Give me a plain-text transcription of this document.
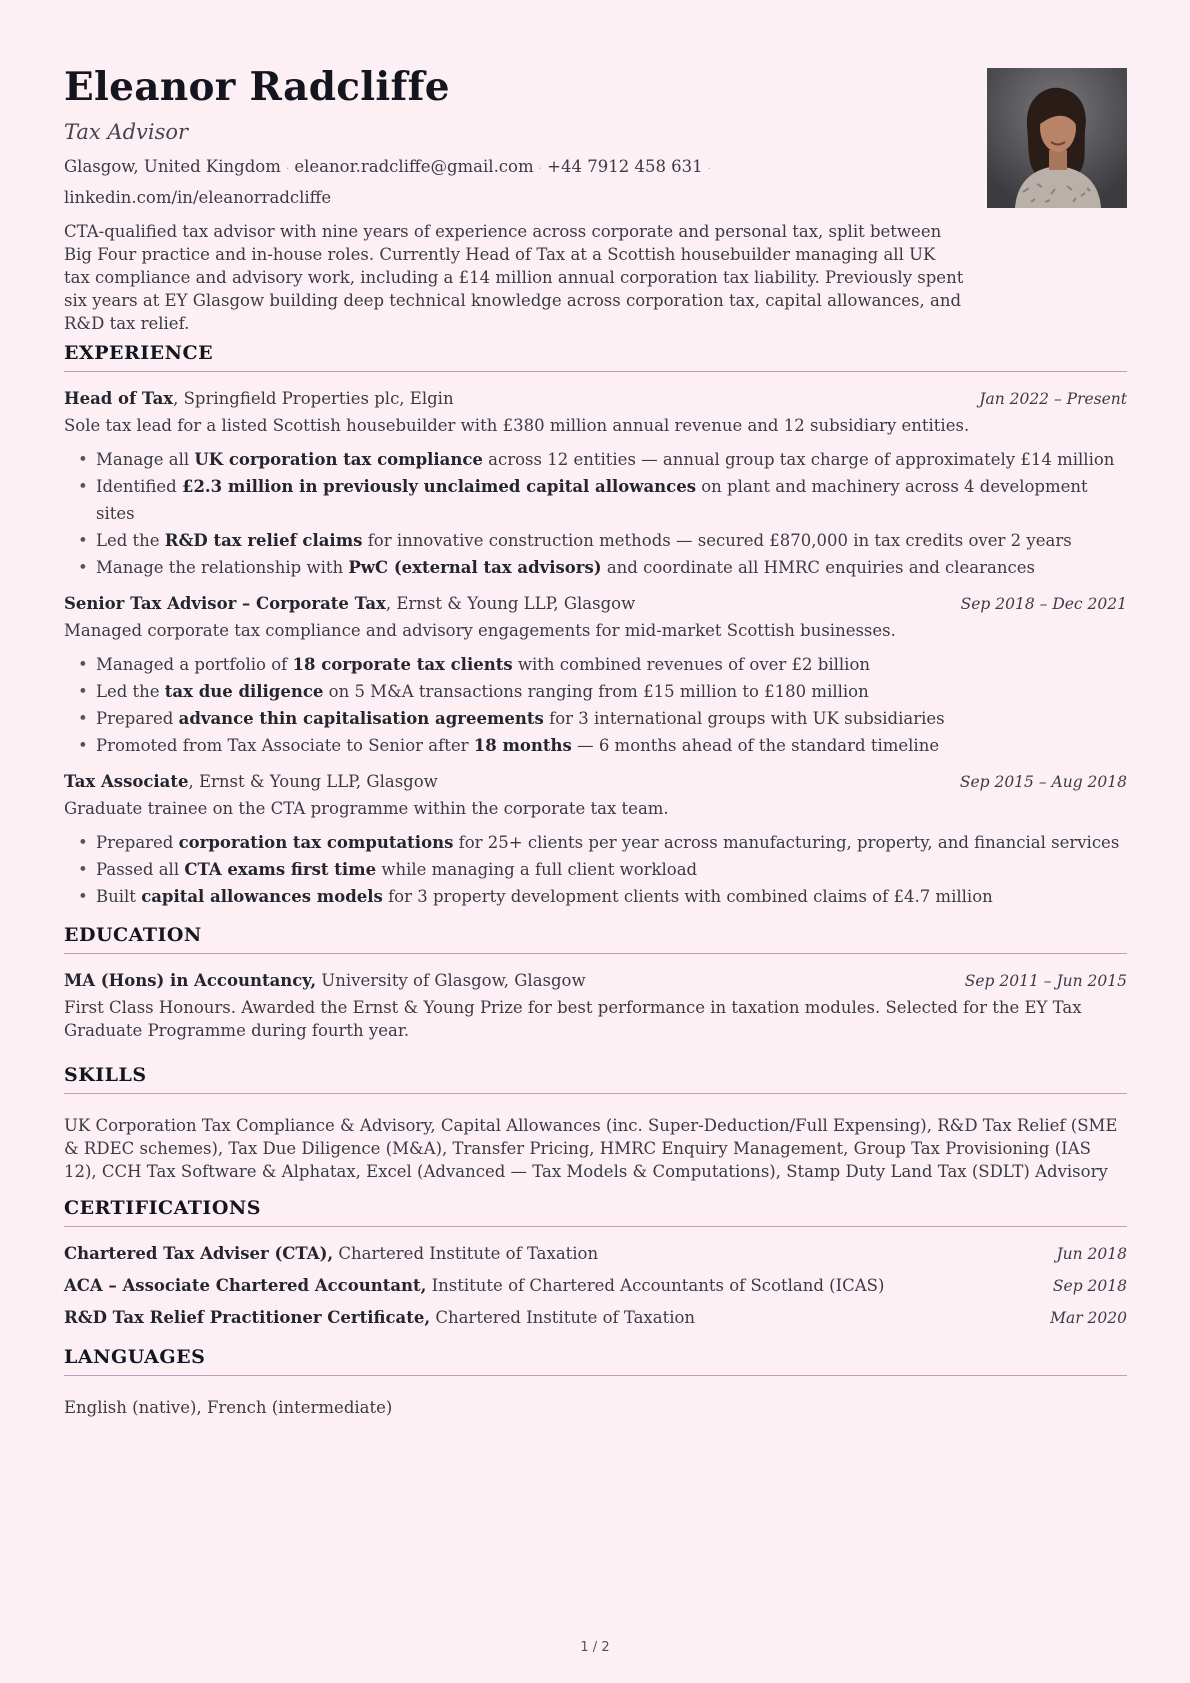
Eleanor Radcliffe
Tax Advisor
Glasgow, United Kingdom · eleanor.radcliffe@gmail.com · +44 7912 458 631 ·
linkedin.com/in/eleanorradcliffe
CTA-qualified tax advisor with nine years of experience across corporate and personal tax, split between Big Four practice and in-house roles. Currently Head of Tax at a Scottish housebuilder managing all UK tax compliance and advisory work, including a £14 million annual corporation tax liability. Previously spent six years at EY Glasgow building deep technical knowledge across corporation tax, capital allowances, and R&D tax relief.
EXPERIENCE
Head of Tax, Springfield Properties plc, Elgin	Jan 2022 – Present
Sole tax lead for a listed Scottish housebuilder with £380 million annual revenue and 12 subsidiary entities.
• Manage all UK corporation tax compliance across 12 entities — annual group tax charge of approximately £14 million
• Identified £2.3 million in previously unclaimed capital allowances on plant and machinery across 4 development sites
• Led the R&D tax relief claims for innovative construction methods — secured £870,000 in tax credits over 2 years
• Manage the relationship with PwC (external tax advisors) and coordinate all HMRC enquiries and clearances
Senior Tax Advisor – Corporate Tax, Ernst & Young LLP, Glasgow	Sep 2018 – Dec 2021
Managed corporate tax compliance and advisory engagements for mid-market Scottish businesses.
• Managed a portfolio of 18 corporate tax clients with combined revenues of over £2 billion
• Led the tax due diligence on 5 M&A transactions ranging from £15 million to £180 million
• Prepared advance thin capitalisation agreements for 3 international groups with UK subsidiaries
• Promoted from Tax Associate to Senior after 18 months — 6 months ahead of the standard timeline
Tax Associate, Ernst & Young LLP, Glasgow	Sep 2015 – Aug 2018
Graduate trainee on the CTA programme within the corporate tax team.
• Prepared corporation tax computations for 25+ clients per year across manufacturing, property, and financial services
• Passed all CTA exams first time while managing a full client workload
• Built capital allowances models for 3 property development clients with combined claims of £4.7 million
EDUCATION
MA (Hons) in Accountancy, University of Glasgow, Glasgow	Sep 2011 – Jun 2015
First Class Honours. Awarded the Ernst & Young Prize for best performance in taxation modules. Selected for the EY Tax Graduate Programme during fourth year.
SKILLS
UK Corporation Tax Compliance & Advisory, Capital Allowances (inc. Super-Deduction/Full Expensing), R&D Tax Relief (SME & RDEC schemes), Tax Due Diligence (M&A), Transfer Pricing, HMRC Enquiry Management, Group Tax Provisioning (IAS 12), CCH Tax Software & Alphatax, Excel (Advanced — Tax Models & Computations), Stamp Duty Land Tax (SDLT) Advisory
CERTIFICATIONS
Chartered Tax Adviser (CTA), Chartered Institute of Taxation	Jun 2018
ACA – Associate Chartered Accountant, Institute of Chartered Accountants of Scotland (ICAS)	Sep 2018
R&D Tax Relief Practitioner Certificate, Chartered Institute of Taxation	Mar 2020
LANGUAGES
English (native), French (intermediate)
1 / 2
